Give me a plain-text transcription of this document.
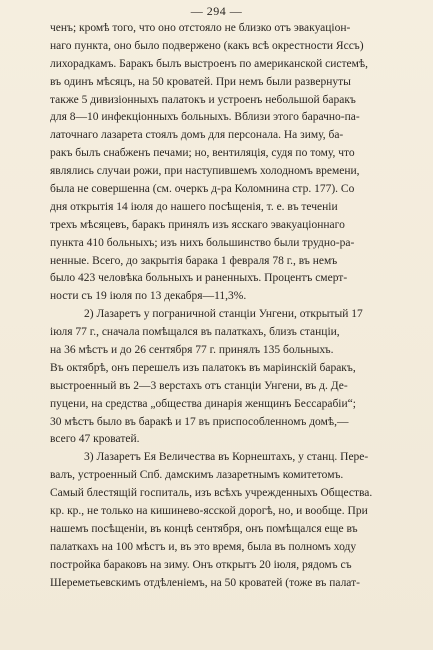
— 294 —
ченъ; кромѣ того, что оно отстояло не близко отъ эвакуаціон-
наго пункта, оно было подвержено (какъ всѣ окрестности Яссъ)
лихорадкамъ. Баракъ былъ выстроенъ по американской системѣ,
въ одинъ мѣсяцъ, на 50 кроватей. При немъ были развернуты
также 5 дивизіонныхъ палатокъ и устроенъ небольшой баракъ
для 8—10 инфекціонныхъ больныхъ. Вблизи этого барачно-па-
латочнаго лазарета стоялъ домъ для персонала. На зиму, ба-
ракъ былъ снабженъ печами; но, вентиляція, судя по тому, что
являлись случаи рожи, при наступившемъ холодномъ времени,
была не совершенна (см. очеркъ д-ра Коломнина стр. 177). Со
дня открытія 14 іюля до нашего посѣщенія, т. е. въ теченіи
трехъ мѣсяцевъ, баракъ принялъ изъ ясскаго эвакуаціоннаго
пункта 410 больныхъ; изъ нихъ большинство были трудно-ра-
ненные. Всего, до закрытія барака 1 февраля 78 г., въ немъ
было 423 человѣка больныхъ и раненныхъ. Процентъ смерт-
ности съ 19 іюля по 13 декабря—11,3%.
2) Лазаретъ у пограничной станціи Унгени, открытый 17
іюля 77 г., сначала помѣщался въ палаткахъ, близъ станціи,
на 36 мѣстъ и до 26 сентября 77 г. принялъ 135 больныхъ.
Въ октябрѣ, онъ перешелъ изъ палатокъ въ маріинскій баракъ,
выстроенный въ 2—3 верстахъ отъ станціи Унгени, въ д. Де-
пуцени, на средства „общества динарія женщинъ Бессарабіи“;
30 мѣстъ было въ баракѣ и 17 въ приспособленномъ домѣ,—
всего 47 кроватей.
3) Лазаретъ Ея Величества въ Корнештахъ, у станц. Пере-
валъ, устроенный Спб. дамскимъ лазаретнымъ комитетомъ.
Самый блестящій госпиталь, изъ всѣхъ учрежденныхъ Общества.
кр. кр., не только на кишинево-ясской дорогѣ, но, и вообще. При
нашемъ посѣщеніи, въ концѣ сентября, онъ помѣщался еще въ
палаткахъ на 100 мѣстъ и, въ это время, была въ полномъ ходу
постройка бараковъ на зиму. Онъ открытъ 20 іюля, рядомъ съ
Шереметьевскимъ отдѣленіемъ, на 50 кроватей (тоже въ палат-
